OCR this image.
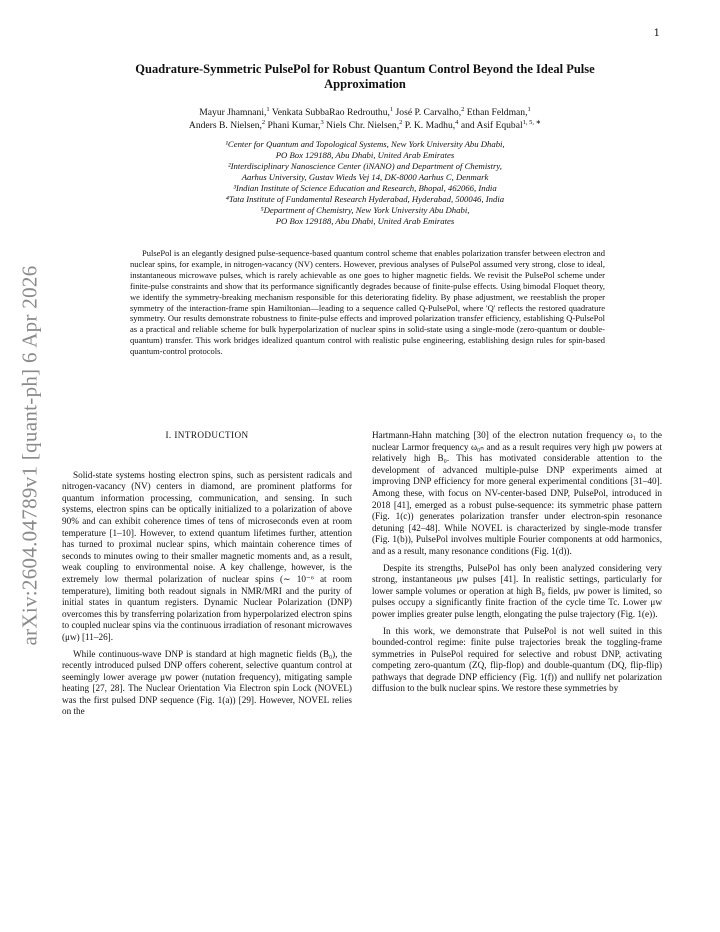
1
arXiv:2604.04789v1 [quant-ph] 6 Apr 2026
Quadrature-Symmetric PulsePol for Robust Quantum Control Beyond the Ideal Pulse
Approximation
Mayur Jhamnani,$^1$ Venkata SubbaRao Redrouthu,$^1$ José P. Carvalho,$^2$ Ethan Feldman,$^1$
Anders B. Nielsen,$^2$ Phani Kumar,$^3$ Niels Chr. Nielsen,$^2$ P. K. Madhu,$^4$ and Asif Equbal$^{1, 5, ∗}$
¹Center for Quantum and Topological Systems, New York University Abu Dhabi,
PO Box 129188, Abu Dhabi, United Arab Emirates
²Interdisciplinary Nanoscience Center (iNANO) and Department of Chemistry,
Aarhus University, Gustav Wieds Vej 14, DK-8000 Aarhus C, Denmark
³Indian Institute of Science Education and Research, Bhopal, 462066, India
⁴Tata Institute of Fundamental Research Hyderabad, Hyderabad, 500046, India
⁵Department of Chemistry, New York University Abu Dhabi,
PO Box 129188, Abu Dhabi, United Arab Emirates

PulsePol is an elegantly designed pulse-sequence-based quantum control scheme that enables polarization transfer between electron and nuclear spins, for example, in nitrogen-vacancy (NV) centers. However, previous analyses of PulsePol assumed very strong, close to ideal, instantaneous microwave pulses, which is rarely achievable as one goes to higher magnetic fields. We revisit the PulsePol scheme under finite-pulse constraints and show that its performance significantly degrades because of finite-pulse effects. Using bimodal Floquet theory, we identify the symmetry-breaking mechanism responsible for this deteriorating fidelity. By phase adjustment, we reestablish the proper symmetry of the interaction-frame spin Hamiltonian—leading to a sequence called Q-PulsePol, where 'Q' reflects the restored quadrature symmetry. Our results demonstrate robustness to finite-pulse effects and improved polarization transfer efficiency, establishing Q-PulsePol as a practical and reliable scheme for bulk hyperpolarization of nuclear spins in solid-state using a single-mode (zero-quantum or double-quantum) transfer. This work bridges idealized quantum control with realistic pulse engineering, establishing design rules for spin-based quantum-control protocols.

I. INTRODUCTION

Solid-state systems hosting electron spins, such as persistent radicals and nitrogen-vacancy (NV) centers in diamond, are prominent platforms for quantum information processing, communication, and sensing. In such systems, electron spins can be optically initialized to a polarization of above 90% and can exhibit coherence times of tens of microseconds even at room temperature [1–10]. However, to extend quantum lifetimes further, attention has turned to proximal nuclear spins, which maintain coherence times of seconds to minutes owing to their smaller magnetic moments and, as a result, weak coupling to environmental noise. A key challenge, however, is the extremely low thermal polarization of nuclear spins (∼ 10⁻⁶ at room temperature), limiting both readout signals in NMR/MRI and the purity of initial states in quantum registers. Dynamic Nuclear Polarization (DNP) overcomes this by transferring polarization from hyperpolarized electron spins to coupled nuclear spins via the continuous irradiation of resonant microwaves (μw) [11–26].

While continuous-wave DNP is standard at high magnetic fields (B₀), the recently introduced pulsed DNP offers coherent, selective quantum control at seemingly lower average μw power (nutation frequency), mitigating sample heating [27, 28]. The Nuclear Orientation Via Electron spin Lock (NOVEL) was the first pulsed DNP sequence (Fig. 1(a)) [29]. However, NOVEL relies on the

Hartmann-Hahn matching [30] of the electron nutation frequency ω₁ to the nuclear Larmor frequency ω₀ₙ and as a result requires very high μw powers at relatively high B₀. This has motivated considerable attention to the development of advanced multiple-pulse DNP experiments aimed at improving DNP efficiency for more general experimental conditions [31–40]. Among these, with focus on NV-center-based DNP, PulsePol, introduced in 2018 [41], emerged as a robust pulse-sequence: its symmetric phase pattern (Fig. 1(c)) generates polarization transfer under electron-spin resonance detuning [42–48]. While NOVEL is characterized by single-mode transfer (Fig. 1(b)), PulsePol involves multiple Fourier components at odd harmonics, and as a result, many resonance conditions (Fig. 1(d)).

Despite its strengths, PulsePol has only been analyzed considering very strong, instantaneous μw pulses [41]. In realistic settings, particularly for lower sample volumes or operation at high B₀ fields, μw power is limited, so pulses occupy a significantly finite fraction of the cycle time Tc. Lower μw power implies greater pulse length, elongating the pulse trajectory (Fig. 1(e)).

In this work, we demonstrate that PulsePol is not well suited in this bounded-control regime: finite pulse trajectories break the toggling-frame symmetries in PulsePol required for selective and robust DNP, activating competing zero-quantum (ZQ, flip-flop) and double-quantum (DQ, flip-flip) pathways that degrade DNP efficiency (Fig. 1(f)) and nullify net polarization diffusion to the bulk nuclear spins. We restore these symmetries by
